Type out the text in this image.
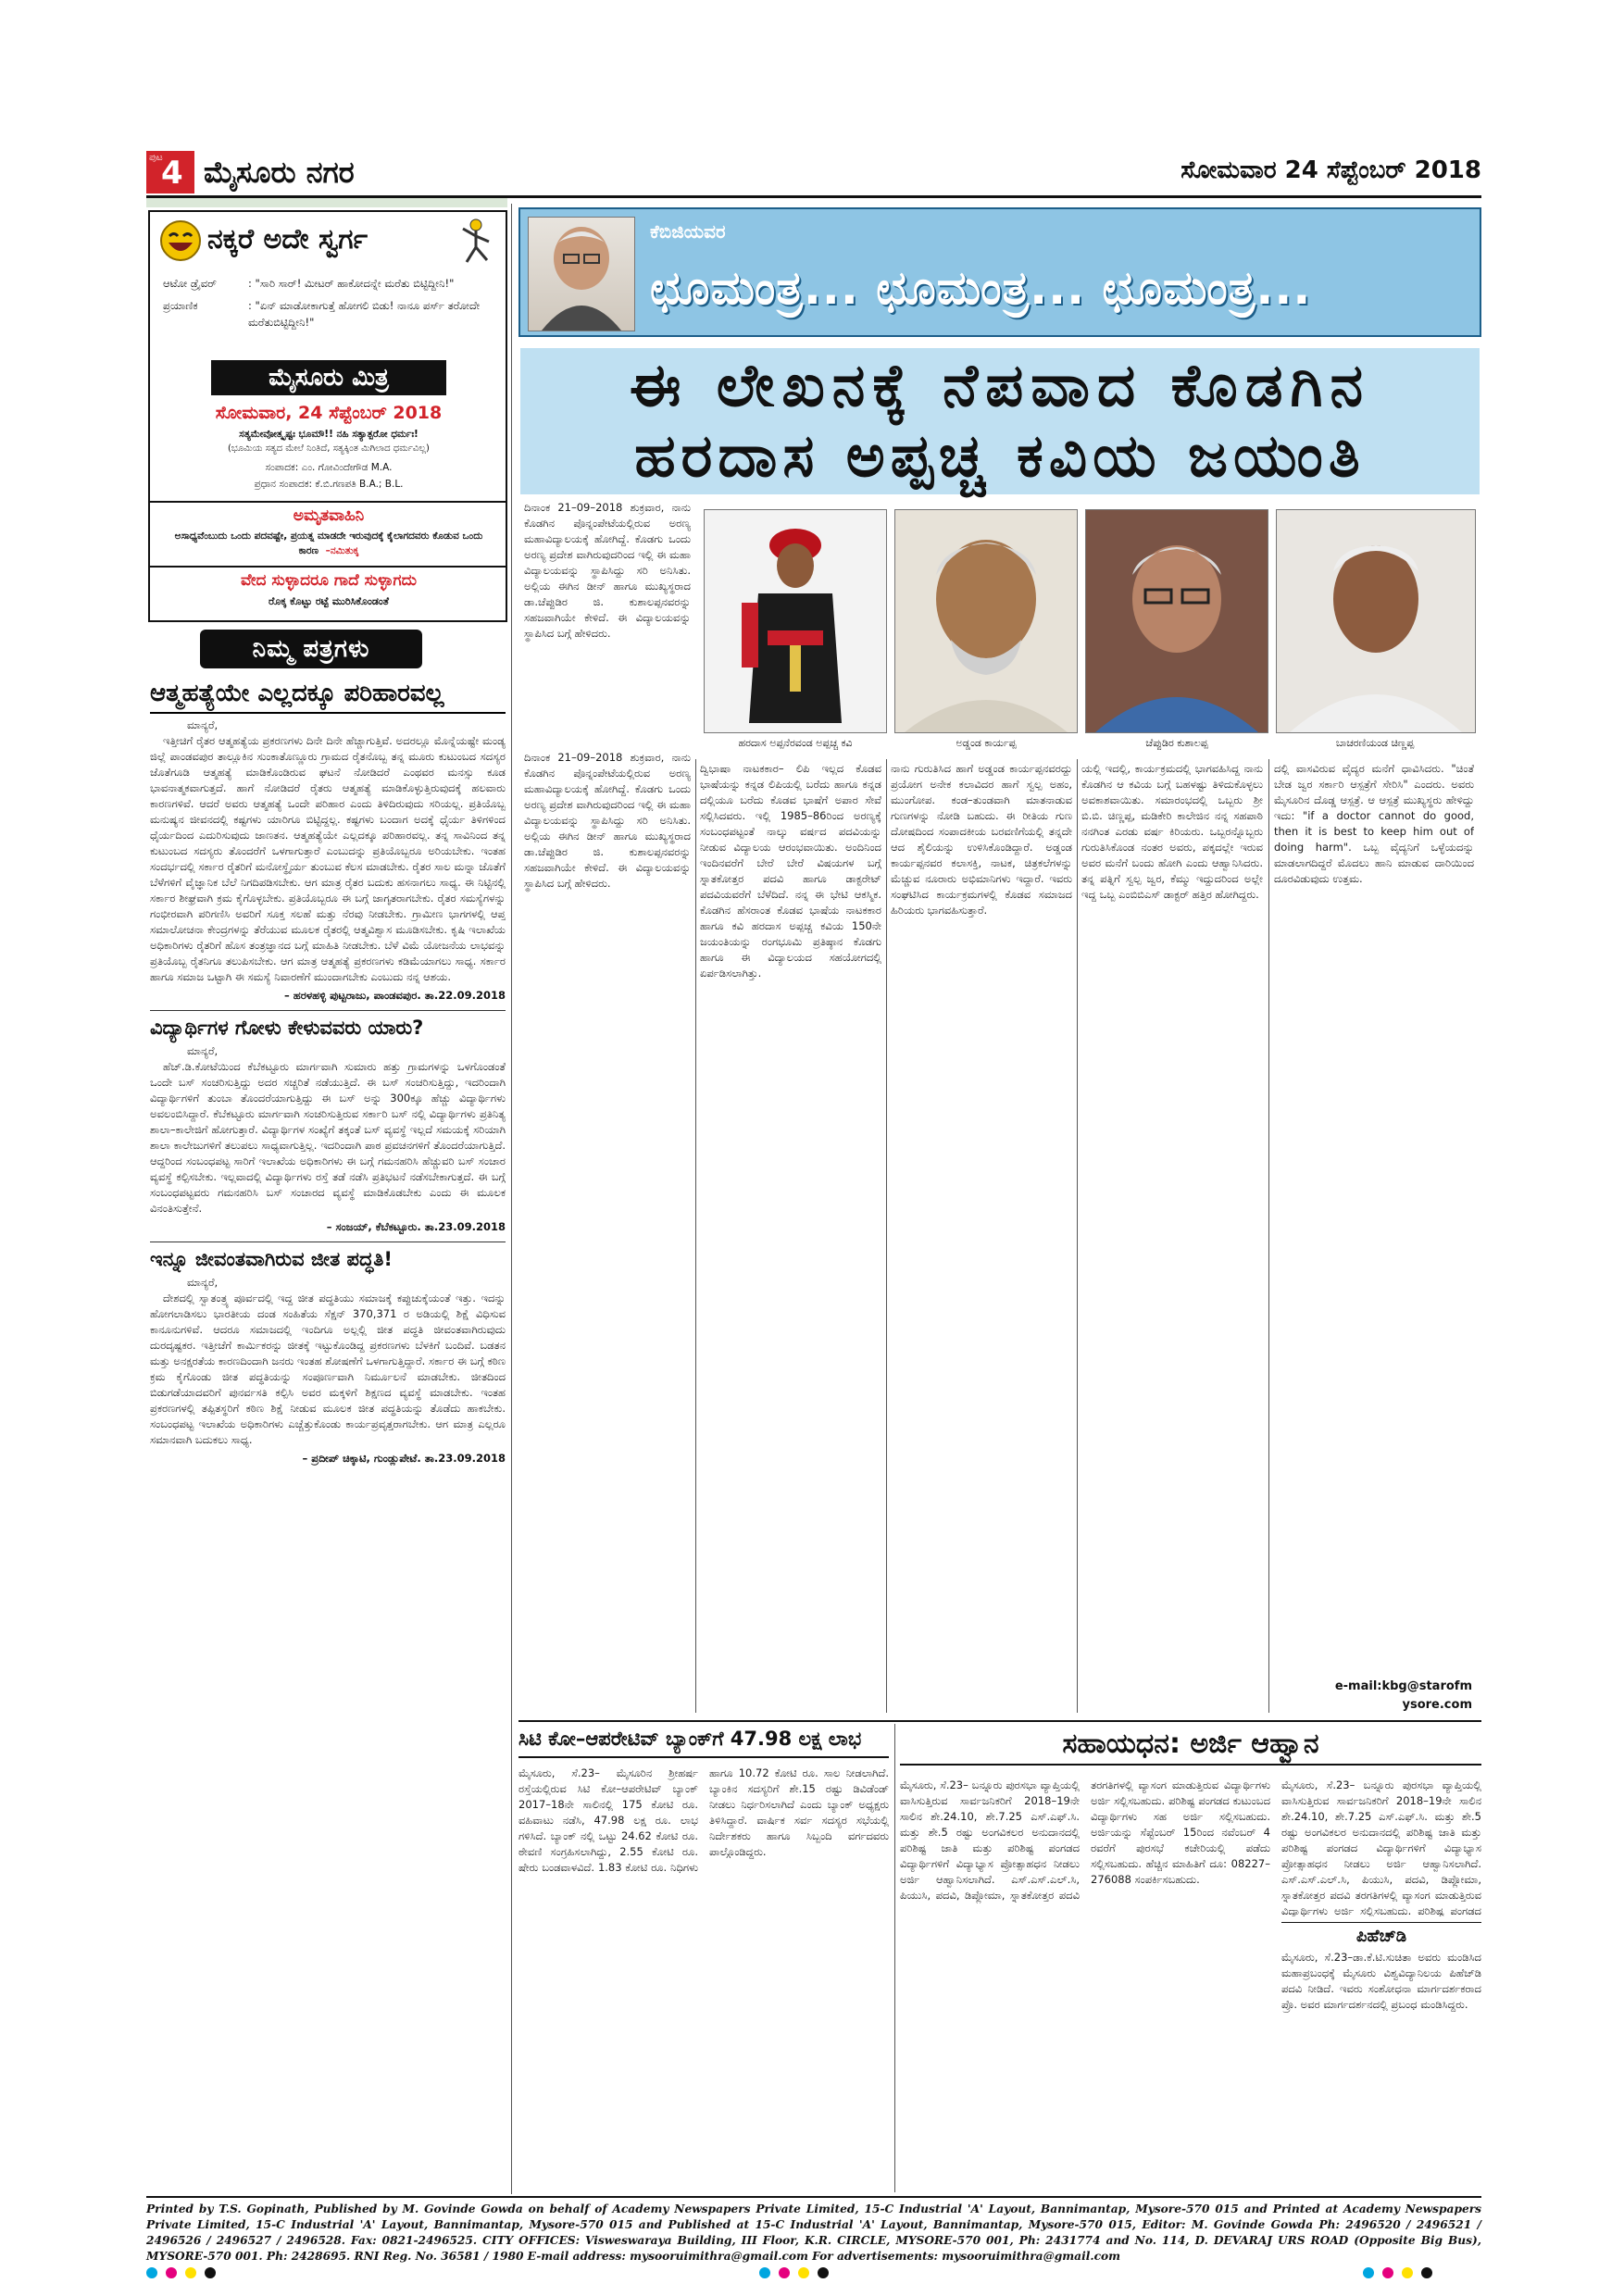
ಪುಟ
4 ಮೈಸೂರು ನಗರ	ಸೋಮವಾರ 24 ಸೆಪ್ಟೆಂಬರ್ 2018
ನಕ್ಕರೆ ಅದೇ ಸ್ವರ್ಗ
ಆಟೋ ಡ್ರೈವರ್	: "ಸಾರಿ ಸಾರ್! ಮೀಟರ್ ಹಾಕೋದನ್ನೇ ಮರೆತು ಬಿಟ್ಟಿದ್ದೀನಿ!"
ಪ್ರಯಾಣಿಕ	: "ಏನ್ ಮಾಡೋಕಾಗುತ್ತೆ ಹೋಗಲಿ ಬಿಡು! ನಾನೂ ಪರ್ಸ್ ತರೋದೇ ಮರೆತುಬಿಟ್ಟಿದ್ದೀನಿ!"
ಮೈಸೂರು ಮಿತ್ರ
ಸೋಮವಾರ, 24 ಸೆಪ್ಟೆಂಬರ್ 2018
ಸತ್ಯಮೇವೋತ್ಕೃಷ್ಟಃ ಭೂಮೌ!! ನಹಿ ಸತ್ಯಾತ್ಪರೋ ಧರ್ಮಃ!
(ಭೂಮಿಯ ಸತ್ಯದ ಮೇಲೆ ನಿಂತಿದೆ, ಸತ್ಯಕ್ಕಿಂತ ಮಿಗಿಲಾದ ಧರ್ಮವಿಲ್ಲ)
ಸಂಪಾದಕ: ಎಂ. ಗೋವಿಂದೇಗೌಡ M.A.
ಪ್ರಧಾನ ಸಂಪಾದಕ: ಕೆ.ಬಿ.ಗಣಪತಿ B.A.; B.L.
ಅಮೃತವಾಹಿನಿ
ಅಸಾಧ್ಯವೆಂಬುದು ಒಂದು ಪದವಷ್ಟೇ, ಪ್ರಯತ್ನ ಮಾಡದೇ ಇರುವುದಕ್ಕೆ ಕೈಲಾಗದವರು ಕೊಡುವ ಒಂದು ಕಾರಣ –ನಮಿತುಕ್ಕ
ವೇದ ಸುಳ್ಳಾದರೂ ಗಾದೆ ಸುಳ್ಳಾಗದು
ರೊಕ್ಕ ಕೊಟ್ಟು ರಟ್ಟೆ ಮುರಿಸಿಕೊಂಡಂತೆ
ನಿಮ್ಮ ಪತ್ರಗಳು
ಆತ್ಮಹತ್ಯೆಯೇ ಎಲ್ಲದಕ್ಕೂ ಪರಿಹಾರವಲ್ಲ
ಮಾನ್ಯರೆ,
ಇತ್ತೀಚಿಗೆ ರೈತರ ಆತ್ಮಹತ್ಯೆಯ ಪ್ರಕರಣಗಳು ದಿನೇ ದಿನೇ ಹೆಚ್ಚಾಗುತ್ತಿವೆ. ಅದರಲ್ಲೂ ಮೊನ್ನೆಯಷ್ಟೇ ಮಂಡ್ಯ ಜಿಲ್ಲೆ ಪಾಂಡವಪುರ ತಾಲ್ಲೂಕಿನ ಸುಂಕಾತೊಣ್ಣೂರು ಗ್ರಾಮದ ರೈತನೊಬ್ಬ ತನ್ನ ಮೂರು ಕುಟುಂಬದ ಸದಸ್ಯರ ಜೊತೆಗೂಡಿ ಆತ್ಮಹತ್ಯೆ ಮಾಡಿಕೊಂಡಿರುವ ಘಟನೆ ನೋಡಿದರೆ ಎಂಥವರ ಮನಸ್ಸು ಕೂಡ ಭಾವನಾತ್ಮಕವಾಗುತ್ತದೆ. ಹಾಗೆ ನೋಡಿದರೆ ರೈತರು ಆತ್ಮಹತ್ಯೆ ಮಾಡಿಕೊಳ್ಳುತ್ತಿರುವುದಕ್ಕೆ ಹಲವಾರು ಕಾರಣಗಳಿವೆ. ಆದರೆ ಅವರು ಆತ್ಮಹತ್ಯೆ ಒಂದೇ ಪರಿಹಾರ ಎಂದು ತಿಳಿದಿರುವುದು ಸರಿಯಲ್ಲ. ಪ್ರತಿಯೊಬ್ಬ ಮನುಷ್ಯನ ಜೀವನದಲ್ಲಿ ಕಷ್ಟಗಳು ಯಾರಿಗೂ ಬಿಟ್ಟಿದ್ದಲ್ಲ. ಕಷ್ಟಗಳು ಬಂದಾಗ ಅದಕ್ಕೆ ಧೈರ್ಯ ತಿಳಿಗಳಿಂದ ಧೈರ್ಯದಿಂದ ಎದುರಿಸುವುದು ಜಾಣತನ. ಆತ್ಮಹತ್ಯೆಯೇ ಎಲ್ಲದಕ್ಕೂ ಪರಿಹಾರವಲ್ಲ. ತನ್ನ ಸಾವಿನಿಂದ ತನ್ನ ಕುಟುಂಬದ ಸದಸ್ಯರು ತೊಂದರೆಗೆ ಒಳಗಾಗುತ್ತಾರೆ ಎಂಬುದನ್ನು ಪ್ರತಿಯೊಬ್ಬರೂ ಅರಿಯಬೇಕು. ಇಂತಹ ಸಂದರ್ಭದಲ್ಲಿ ಸರ್ಕಾರ ರೈತರಿಗೆ ಮನೋಸ್ಥೈರ್ಯ ತುಂಬುವ ಕೆಲಸ ಮಾಡಬೇಕು. ರೈತರ ಸಾಲ ಮನ್ನಾ ಜೊತೆಗೆ ಬೆಳೆಗಳಿಗೆ ವೈಜ್ಞಾನಿಕ ಬೆಲೆ ನಿಗದಿಪಡಿಸಬೇಕು. ಆಗ ಮಾತ್ರ ರೈತರ ಬದುಕು ಹಸನಾಗಲು ಸಾಧ್ಯ. ಈ ನಿಟ್ಟಿನಲ್ಲಿ ಸರ್ಕಾರ ಶೀಘ್ರವಾಗಿ ಕ್ರಮ ಕೈಗೊಳ್ಳಬೇಕು. ಪ್ರತಿಯೊಬ್ಬರೂ ಈ ಬಗ್ಗೆ ಜಾಗೃತರಾಗಬೇಕು. ರೈತರ ಸಮಸ್ಯೆಗಳನ್ನು ಗಂಭೀರವಾಗಿ ಪರಿಗಣಿಸಿ ಅವರಿಗೆ ಸೂಕ್ತ ಸಲಹೆ ಮತ್ತು ನೆರವು ನೀಡಬೇಕು. ಗ್ರಾಮೀಣ ಭಾಗಗಳಲ್ಲಿ ಆಪ್ತ ಸಮಾಲೋಚನಾ ಕೇಂದ್ರಗಳನ್ನು ತೆರೆಯುವ ಮೂಲಕ ರೈತರಲ್ಲಿ ಆತ್ಮವಿಶ್ವಾಸ ಮೂಡಿಸಬೇಕು. ಕೃಷಿ ಇಲಾಖೆಯ ಅಧಿಕಾರಿಗಳು ರೈತರಿಗೆ ಹೊಸ ತಂತ್ರಜ್ಞಾನದ ಬಗ್ಗೆ ಮಾಹಿತಿ ನೀಡಬೇಕು. ಬೆಳೆ ವಿಮೆ ಯೋಜನೆಯ ಲಾಭವನ್ನು ಪ್ರತಿಯೊಬ್ಬ ರೈತನಿಗೂ ತಲುಪಿಸಬೇಕು. ಆಗ ಮಾತ್ರ ಆತ್ಮಹತ್ಯೆ ಪ್ರಕರಣಗಳು ಕಡಿಮೆಯಾಗಲು ಸಾಧ್ಯ. ಸರ್ಕಾರ ಹಾಗೂ ಸಮಾಜ ಒಟ್ಟಾಗಿ ಈ ಸಮಸ್ಯೆ ನಿವಾರಣೆಗೆ ಮುಂದಾಗಬೇಕು ಎಂಬುದು ನನ್ನ ಆಶಯ.
– ಹರಳಹಳ್ಳಿ ಪುಟ್ಟರಾಜು, ಪಾಂಡವಪುರ. ತಾ.22.09.2018
ವಿದ್ಯಾರ್ಥಿಗಳ ಗೋಳು ಕೇಳುವವರು ಯಾರು?
ಮಾನ್ಯರೆ,
ಹೆಚ್.ಡಿ.ಕೋಟೆಯಿಂದ ಕೆಬೆಕಟ್ಟೂರು ಮಾರ್ಗವಾಗಿ ಸುಮಾರು ಹತ್ತು ಗ್ರಾಮಗಳನ್ನು ಒಳಗೊಂಡಂತೆ ಒಂದೇ ಬಸ್ ಸಂಚರಿಸುತ್ತಿದ್ದು ಅದರ ಸಚ್ಚರಿತೆ ನಡೆಯುತ್ತಿದೆ. ಈ ಬಸ್ ಸಂಚರಿಸುತ್ತಿದ್ದು, ಇದರಿಂದಾಗಿ ವಿದ್ಯಾರ್ಥಿಗಳಿಗೆ ತುಂಬಾ ತೊಂದರೆಯಾಗುತ್ತಿದ್ದು ಈ ಬಸ್ ಅನ್ನು 300ಕ್ಕೂ ಹೆಚ್ಚು ವಿದ್ಯಾರ್ಥಿಗಳು ಅವಲಂಬಿಸಿದ್ದಾರೆ. ಕೆಬೆಕಟ್ಟೂರು ಮಾರ್ಗವಾಗಿ ಸಂಚರಿಸುತ್ತಿರುವ ಸರ್ಕಾರಿ ಬಸ್ ನಲ್ಲಿ ವಿದ್ಯಾರ್ಥಿಗಳು ಪ್ರತಿನಿತ್ಯ ಶಾಲಾ–ಕಾಲೇಜಿಗೆ ಹೋಗುತ್ತಾರೆ. ವಿದ್ಯಾರ್ಥಿಗಳ ಸಂಖ್ಯೆಗೆ ತಕ್ಕಂತೆ ಬಸ್ ವ್ಯವಸ್ಥೆ ಇಲ್ಲದೆ ಸಮಯಕ್ಕೆ ಸರಿಯಾಗಿ ಶಾಲಾ ಕಾಲೇಜುಗಳಿಗೆ ತಲುಪಲು ಸಾಧ್ಯವಾಗುತ್ತಿಲ್ಲ. ಇದರಿಂದಾಗಿ ಪಾಠ ಪ್ರವಚನಗಳಿಗೆ ತೊಂದರೆಯಾಗುತ್ತಿದೆ. ಆದ್ದರಿಂದ ಸಂಬಂಧಪಟ್ಟ ಸಾರಿಗೆ ಇಲಾಖೆಯ ಅಧಿಕಾರಿಗಳು ಈ ಬಗ್ಗೆ ಗಮನಹರಿಸಿ ಹೆಚ್ಚುವರಿ ಬಸ್ ಸಂಚಾರ ವ್ಯವಸ್ಥೆ ಕಲ್ಪಿಸಬೇಕು. ಇಲ್ಲವಾದಲ್ಲಿ ವಿದ್ಯಾರ್ಥಿಗಳು ರಸ್ತೆ ತಡೆ ನಡೆಸಿ ಪ್ರತಿಭಟನೆ ನಡೆಸಬೇಕಾಗುತ್ತದೆ. ಈ ಬಗ್ಗೆ ಸಂಬಂಧಪಟ್ಟವರು ಗಮನಹರಿಸಿ ಬಸ್ ಸಂಚಾರದ ವ್ಯವಸ್ಥೆ ಮಾಡಿಕೊಡಬೇಕು ಎಂದು ಈ ಮೂಲಕ ವಿನಂತಿಸುತ್ತೇನೆ.
– ಸಂಜಯ್, ಕೆಬೆಕಟ್ಟೂರು. ತಾ.23.09.2018
ಇನ್ನೂ ಜೀವಂತವಾಗಿರುವ ಜೀತ ಪದ್ಧತಿ!
ಮಾನ್ಯರೆ,
ದೇಶದಲ್ಲಿ ಸ್ವಾತಂತ್ರ್ಯ ಪೂರ್ವದಲ್ಲಿ ಇದ್ದ ಜೀತ ಪದ್ಧತಿಯು ಸಮಾಜಕ್ಕೆ ಕಪ್ಪುಚುಕ್ಕೆಯಂತೆ ಇತ್ತು. ಇದನ್ನು ಹೋಗಲಾಡಿಸಲು ಭಾರತೀಯ ದಂಡ ಸಂಹಿತೆಯ ಸೆಕ್ಷನ್ 370,371 ರ ಅಡಿಯಲ್ಲಿ ಶಿಕ್ಷೆ ವಿಧಿಸುವ ಕಾನೂನುಗಳಿವೆ. ಆದರೂ ಸಮಾಜದಲ್ಲಿ ಇಂದಿಗೂ ಅಲ್ಲಲ್ಲಿ ಜೀತ ಪದ್ಧತಿ ಜೀವಂತವಾಗಿರುವುದು ದುರದೃಷ್ಟಕರ. ಇತ್ತೀಚೆಗೆ ಕಾರ್ಮಿಕರನ್ನು ಜೀತಕ್ಕೆ ಇಟ್ಟುಕೊಂಡಿದ್ದ ಪ್ರಕರಣಗಳು ಬೆಳಕಿಗೆ ಬಂದಿವೆ. ಬಡತನ ಮತ್ತು ಅನಕ್ಷರತೆಯ ಕಾರಣದಿಂದಾಗಿ ಜನರು ಇಂತಹ ಶೋಷಣೆಗೆ ಒಳಗಾಗುತ್ತಿದ್ದಾರೆ. ಸರ್ಕಾರ ಈ ಬಗ್ಗೆ ಕಠಿಣ ಕ್ರಮ ಕೈಗೊಂಡು ಜೀತ ಪದ್ಧತಿಯನ್ನು ಸಂಪೂರ್ಣವಾಗಿ ನಿರ್ಮೂಲನೆ ಮಾಡಬೇಕು. ಜೀತದಿಂದ ಬಿಡುಗಡೆಯಾದವರಿಗೆ ಪುನರ್ವಸತಿ ಕಲ್ಪಿಸಿ ಅವರ ಮಕ್ಕಳಿಗೆ ಶಿಕ್ಷಣದ ವ್ಯವಸ್ಥೆ ಮಾಡಬೇಕು. ಇಂತಹ ಪ್ರಕರಣಗಳಲ್ಲಿ ತಪ್ಪಿತಸ್ಥರಿಗೆ ಕಠಿಣ ಶಿಕ್ಷೆ ನೀಡುವ ಮೂಲಕ ಜೀತ ಪದ್ಧತಿಯನ್ನು ತೊಡೆದು ಹಾಕಬೇಕು. ಸಂಬಂಧಪಟ್ಟ ಇಲಾಖೆಯ ಅಧಿಕಾರಿಗಳು ಎಚ್ಚೆತ್ತುಕೊಂಡು ಕಾರ್ಯಪ್ರವೃತ್ತರಾಗಬೇಕು. ಆಗ ಮಾತ್ರ ಎಲ್ಲರೂ ಸಮಾನವಾಗಿ ಬದುಕಲು ಸಾಧ್ಯ.
– ಪ್ರದೀಪ್ ಚಿಕ್ಕಾಟಿ, ಗುಂಡ್ಲುಪೇಟೆ. ತಾ.23.09.2018
ಕೆಬಿಜಿಯವರ
ಛೂಮಂತ್ರ... ಛೂಮಂತ್ರ... ಛೂಮಂತ್ರ...
ಈ ಲೇಖನಕ್ಕೆ ನೆಪವಾದ ಕೊಡಗಿನ
ಹರದಾಸ ಅಪ್ಪಚ್ಚ ಕವಿಯ ಜಯಂತಿ
ದಿನಾಂಕ 21–09–2018 ಶುಕ್ರವಾರ, ನಾನು ಕೊಡಗಿನ ಪೊನ್ನಂಪೇಟೆಯಲ್ಲಿರುವ ಅರಣ್ಯ ಮಹಾವಿದ್ಯಾಲಯಕ್ಕೆ ಹೋಗಿದ್ದೆ. ಕೊಡಗು ಒಂದು ಅರಣ್ಯ ಪ್ರದೇಶ ವಾಗಿರುವುದರಿಂದ ಇಲ್ಲಿ ಈ ಮಹಾ ವಿದ್ಯಾಲಯವನ್ನು ಸ್ಥಾಪಿಸಿದ್ದು ಸರಿ ಅನಿಸಿತು. ಅಲ್ಲಿಯ ಈಗಿನ ಡೀನ್ ಹಾಗೂ ಮುಖ್ಯಸ್ಥರಾದ ಡಾ.ಚೆಪ್ಪುಡಿರ ಜಿ. ಕುಶಾಲಪ್ಪನವರನ್ನು ಸಹಜವಾಗಿಯೇ ಕೇಳಿದೆ. ಈ ವಿದ್ಯಾಲಯವನ್ನು ಸ್ಥಾಪಿಸಿದ ಬಗ್ಗೆ ಹೇಳಿದರು.
ಹರದಾಸ ಅಪ್ಪನೆರವಂಡ ಅಪ್ಪಚ್ಚ ಕವಿ	ಅಡ್ಡಂಡ ಕಾರ್ಯಪ್ಪ	ಚೆಪ್ಪುಡಿರ ಕುಶಾಲಪ್ಪ	ಬಾಚರಣಿಯಂಡ ಚಿಣ್ಣಪ್ಪ
ದಿನಾಂಕ 21–09–2018 ಶುಕ್ರವಾರ, ನಾನು ಕೊಡಗಿನ ಪೊನ್ನಂಪೇಟೆಯಲ್ಲಿರುವ ಅರಣ್ಯ ಮಹಾವಿದ್ಯಾಲಯಕ್ಕೆ ಹೋಗಿದ್ದೆ. ಕೊಡಗು ಒಂದು ಅರಣ್ಯ ಪ್ರದೇಶ ವಾಗಿರುವುದರಿಂದ ಇಲ್ಲಿ ಈ ಮಹಾ ವಿದ್ಯಾಲಯವನ್ನು ಸ್ಥಾಪಿಸಿದ್ದು ಸರಿ ಅನಿಸಿತು. ಅಲ್ಲಿಯ ಈಗಿನ ಡೀನ್ ಹಾಗೂ ಮುಖ್ಯಸ್ಥರಾದ ಡಾ.ಚೆಪ್ಪುಡಿರ ಜಿ. ಕುಶಾಲಪ್ಪನವರನ್ನು ಸಹಜವಾಗಿಯೇ ಕೇಳಿದೆ. ಈ ವಿದ್ಯಾಲಯವನ್ನು ಸ್ಥಾಪಿಸಿದ ಬಗ್ಗೆ ಹೇಳಿದರು.
ದ್ವಿಭಾಷಾ ನಾಟಕಕಾರ– ಲಿಪಿ ಇಲ್ಲದ ಕೊಡವ ಭಾಷೆಯನ್ನು ಕನ್ನಡ ಲಿಪಿಯಲ್ಲಿ ಬರೆದು ಹಾಗೂ ಕನ್ನಡ ದಲ್ಲಿಯೂ ಬರೆದು ಕೊಡವ ಭಾಷೆಗೆ ಅಪಾರ ಸೇವೆ ಸಲ್ಲಿಸಿದವರು. ಇಲ್ಲಿ 1985–86ರಿಂದ ಅರಣ್ಯಕ್ಕೆ ಸಂಬಂಧಪಟ್ಟಂತೆ ನಾಲ್ಕು ವರ್ಷದ ಪದವಿಯನ್ನು ನೀಡುವ ವಿದ್ಯಾಲಯ ಆರಂಭವಾಯಿತು. ಅಂದಿನಿಂದ ಇಂದಿನವರೆಗೆ ಬೇರೆ ಬೇರೆ ವಿಷಯಗಳ ಬಗ್ಗೆ ಸ್ನಾತಕೋತ್ತರ ಪದವಿ ಹಾಗೂ ಡಾಕ್ಟರೇಟ್ ಪದವಿಯವರೆಗೆ ಬೆಳೆದಿದೆ. ನನ್ನ ಈ ಭೇಟಿ ಆಕಸ್ಮಿಕ. ಕೊಡಗಿನ ಹೆಸರಾಂತ ಕೊಡವ ಭಾಷೆಯ ನಾಟಕಕಾರ ಹಾಗೂ ಕವಿ ಹರದಾಸ ಅಪ್ಪಚ್ಚ ಕವಿಯ 150ನೇ ಜಯಂತಿಯನ್ನು ರಂಗಭೂಮಿ ಪ್ರತಿಷ್ಠಾನ ಕೊಡಗು ಹಾಗೂ ಈ ವಿದ್ಯಾಲಯದ ಸಹಯೋಗದಲ್ಲಿ ಏರ್ಪಡಿಸಲಾಗಿತ್ತು.
ನಾನು ಗುರುತಿಸಿದ ಹಾಗೆ ಅಡ್ಡಂಡ ಕಾರ್ಯಪ್ಪನವರದ್ದು ಪ್ರಯೋಗ ಅನೇಕ ಕಲಾವಿದರ ಹಾಗೆ ಸ್ವಲ್ಪ ಅಹಂ, ಮುಂಗೋಪ. ಕಂಡ–ತುಂಡವಾಗಿ ಮಾತನಾಡುವ ಗುಣಗಳನ್ನು ನೋಡಿ ಬಹುದು. ಈ ರೀತಿಯ ಗುಣ ದೋಷದಿಂದ ಸಂಪಾದಕೀಯ ಬರವಣಿಗೆಯಲ್ಲಿ ತನ್ನದೇ ಆದ ಶೈಲಿಯನ್ನು ಉಳಿಸಿಕೊಂಡಿದ್ದಾರೆ. ಅಡ್ಡಂಡ ಕಾರ್ಯಪ್ಪನವರ ಕಲಾಸಕ್ತಿ, ನಾಟಕ, ಚಿತ್ರಕಲೆಗಳನ್ನು ಮೆಚ್ಚುವ ನೂರಾರು ಅಭಿಮಾನಿಗಳು ಇದ್ದಾರೆ. ಇವರು ಸಂಘಟಿಸಿದ ಕಾರ್ಯಕ್ರಮಗಳಲ್ಲಿ ಕೊಡವ ಸಮಾಜದ ಹಿರಿಯರು ಭಾಗವಹಿಸುತ್ತಾರೆ.
ಯಲ್ಲಿ ಇದಲ್ಲಿ, ಕಾರ್ಯಕ್ರಮದಲ್ಲಿ ಭಾಗವಹಿಸಿದ್ದ ನಾನು ಕೊಡಗಿನ ಆ ಕವಿಯ ಬಗ್ಗೆ ಬಹಳಷ್ಟು ತಿಳಿದುಕೊಳ್ಳಲು ಅವಕಾಶವಾಯಿತು. ಸಮಾರಂಭದಲ್ಲಿ ಒಬ್ಬರು ಶ್ರೀ ಬಿ.ಬಿ. ಚಿಣ್ಣಪ್ಪ, ಮಡಿಕೇರಿ ಕಾಲೇಜಿನ ನನ್ನ ಸಹಪಾಠಿ ನನಗಿಂತ ಎರಡು ವರ್ಷ ಕಿರಿಯರು. ಒಬ್ಬರನ್ನೊಬ್ಬರು ಗುರುತಿಸಿಕೊಂಡ ನಂತರ ಅವರು, ಪಕ್ಕದಲ್ಲೇ ಇರುವ ಅವರ ಮನೆಗೆ ಬಂದು ಹೋಗಿ ಎಂದು ಆಹ್ವಾನಿಸಿದರು. ತನ್ನ ಪತ್ನಿಗೆ ಸ್ವಲ್ಪ ಜ್ವರ, ಕೆಮ್ಮು ಇದ್ದುದರಿಂದ ಅಲ್ಲೇ ಇದ್ದ ಒಬ್ಬ ಎಂಬಿಬಿಎಸ್ ಡಾಕ್ಟರ್ ಹತ್ತಿರ ಹೋಗಿದ್ದರು.
ದಲ್ಲಿ ವಾಸವಿರುವ ವೈದ್ಯರ ಮನೆಗೆ ಧಾವಿಸಿದರು. "ಚಿಂತೆ ಬೇಡ ಜ್ವರ ಸರ್ಕಾರಿ ಆಸ್ಪತ್ರೆಗೆ ಸೇರಿಸಿ" ಎಂದರು. ಅವರು ಮೈಸೂರಿನ ದೊಡ್ಡ ಆಸ್ಪತ್ರೆ. ಆ ಆಸ್ಪತ್ರೆ ಮುಖ್ಯಸ್ಥರು ಹೇಳಿದ್ದು ಇದು: "if a doctor cannot do good, then it is best to keep him out of doing harm". ಒಬ್ಬ ವೈದ್ಯನಿಗೆ ಒಳ್ಳೆಯದನ್ನು ಮಾಡಲಾಗದಿದ್ದರೆ ಮೊದಲು ಹಾನಿ ಮಾಡುವ ದಾರಿಯಿಂದ ದೂರವಿಡುವುದು ಉತ್ತಮ.
e-mail:kbg@starofmysore.com
ಸಿಟಿ ಕೋ–ಆಪರೇಟಿವ್ ಬ್ಯಾಂಕ್‌ಗೆ 47.98 ಲಕ್ಷ ಲಾಭ
ಮೈಸೂರು, ಸೆ.23– ಮೈಸೂರಿನ ಶ್ರೀಹರ್ಷ ರಸ್ತೆಯಲ್ಲಿರುವ ಸಿಟಿ ಕೋ–ಆಪರೇಟಿವ್ ಬ್ಯಾಂಕ್ 2017–18ನೇ ಸಾಲಿನಲ್ಲಿ 175 ಕೋಟಿ ರೂ. ವಹಿವಾಟು ನಡೆಸಿ, 47.98 ಲಕ್ಷ ರೂ. ಲಾಭ ಗಳಿಸಿದೆ. ಬ್ಯಾಂಕ್ ನಲ್ಲಿ ಒಟ್ಟು 24.62 ಕೋಟಿ ರೂ. ಠೇವಣಿ ಸಂಗ್ರಹಿಸಲಾಗಿದ್ದು, 2.55 ಕೋಟಿ ರೂ. ಷೇರು ಬಂಡವಾಳವಿದೆ. 1.83 ಕೋಟಿ ರೂ. ನಿಧಿಗಳು ಹಾಗೂ 10.72 ಕೋಟಿ ರೂ. ಸಾಲ ನೀಡಲಾಗಿದೆ. ಬ್ಯಾಂಕಿನ ಸದಸ್ಯರಿಗೆ ಶೇ.15 ರಷ್ಟು ಡಿವಿಡೆಂಡ್ ನೀಡಲು ನಿರ್ಧರಿಸಲಾಗಿದೆ ಎಂದು ಬ್ಯಾಂಕ್ ಅಧ್ಯಕ್ಷರು ತಿಳಿಸಿದ್ದಾರೆ. ವಾರ್ಷಿಕ ಸರ್ವ ಸದಸ್ಯರ ಸಭೆಯಲ್ಲಿ ನಿರ್ದೇಶಕರು ಹಾಗೂ ಸಿಬ್ಬಂದಿ ವರ್ಗದವರು ಪಾಲ್ಗೊಂಡಿದ್ದರು.
ಸಹಾಯಧನ: ಅರ್ಜಿ ಆಹ್ವಾನ
ಮೈಸೂರು, ಸೆ.23– ಬನ್ನೂರು ಪುರಸಭಾ ವ್ಯಾಪ್ತಿಯಲ್ಲಿ ವಾಸಿಸುತ್ತಿರುವ ಸಾರ್ವಜನಿಕರಿಗೆ 2018–19ನೇ ಸಾಲಿನ ಶೇ.24.10, ಶೇ.7.25 ಎಸ್.ಎಫ್.ಸಿ. ಮತ್ತು ಶೇ.5 ರಷ್ಟು ಅಂಗವಿಕಲರ ಅನುದಾನದಲ್ಲಿ ಪರಿಶಿಷ್ಟ ಜಾತಿ ಮತ್ತು ಪರಿಶಿಷ್ಟ ಪಂಗಡದ ವಿದ್ಯಾರ್ಥಿಗಳಿಗೆ ವಿದ್ಯಾಭ್ಯಾಸ ಪ್ರೋತ್ಸಾಹಧನ ನೀಡಲು ಅರ್ಜಿ ಆಹ್ವಾನಿಸಲಾಗಿದೆ. ಎಸ್.ಎಸ್.ಎಲ್.ಸಿ, ಪಿಯುಸಿ, ಪದವಿ, ಡಿಪ್ಲೋಮಾ, ಸ್ನಾತಕೋತ್ತರ ಪದವಿ ತರಗತಿಗಳಲ್ಲಿ ವ್ಯಾಸಂಗ ಮಾಡುತ್ತಿರುವ ವಿದ್ಯಾರ್ಥಿಗಳು ಅರ್ಜಿ ಸಲ್ಲಿಸಬಹುದು. ಪರಿಶಿಷ್ಟ ಪಂಗಡದ ಕುಟುಂಬದ ವಿದ್ಯಾರ್ಥಿಗಳು ಸಹ ಅರ್ಜಿ ಸಲ್ಲಿಸಬಹುದು. ಅರ್ಜಿಯನ್ನು ಸೆಪ್ಟೆಂಬರ್ 15ರಿಂದ ನವೆಂಬರ್ 4 ರವರೆಗೆ ಪುರಸಭೆ ಕಚೇರಿಯಲ್ಲಿ ಪಡೆದು ಸಲ್ಲಿಸಬಹುದು. ಹೆಚ್ಚಿನ ಮಾಹಿತಿಗೆ ದೂ: 08227–276088 ಸಂಪರ್ಕಿಸಬಹುದು.
ಮೈಸೂರು, ಸೆ.23– ಬನ್ನೂರು ಪುರಸಭಾ ವ್ಯಾಪ್ತಿಯಲ್ಲಿ ವಾಸಿಸುತ್ತಿರುವ ಸಾರ್ವಜನಿಕರಿಗೆ 2018–19ನೇ ಸಾಲಿನ ಶೇ.24.10, ಶೇ.7.25 ಎಸ್.ಎಫ್.ಸಿ. ಮತ್ತು ಶೇ.5 ರಷ್ಟು ಅಂಗವಿಕಲರ ಅನುದಾನದಲ್ಲಿ ಪರಿಶಿಷ್ಟ ಜಾತಿ ಮತ್ತು ಪರಿಶಿಷ್ಟ ಪಂಗಡದ ವಿದ್ಯಾರ್ಥಿಗಳಿಗೆ ವಿದ್ಯಾಭ್ಯಾಸ ಪ್ರೋತ್ಸಾಹಧನ ನೀಡಲು ಅರ್ಜಿ ಆಹ್ವಾನಿಸಲಾಗಿದೆ. ಎಸ್.ಎಸ್.ಎಲ್.ಸಿ, ಪಿಯುಸಿ, ಪದವಿ, ಡಿಪ್ಲೋಮಾ, ಸ್ನಾತಕೋತ್ತರ ಪದವಿ ತರಗತಿಗಳಲ್ಲಿ ವ್ಯಾಸಂಗ ಮಾಡುತ್ತಿರುವ ವಿದ್ಯಾರ್ಥಿಗಳು ಅರ್ಜಿ ಸಲ್ಲಿಸಬಹುದು. ಪರಿಶಿಷ್ಟ ಪಂಗಡದ
ಪಿಹೆಚ್‌ಡಿ
ಮೈಸೂರು, ಸೆ.23–ಡಾ.ಕೆ.ಟಿ.ಸುಚಿತಾ ಅವರು ಮಂಡಿಸಿದ ಮಹಾಪ್ರಬಂಧಕ್ಕೆ ಮೈಸೂರು ವಿಶ್ವವಿದ್ಯಾನಿಲಯ ಪಿಹೆಚ್‌ಡಿ ಪದವಿ ನೀಡಿದೆ. ಇವರು ಸಂಶೋಧನಾ ಮಾರ್ಗದರ್ಶಕರಾದ ಪ್ರೊ. ಅವರ ಮಾರ್ಗದರ್ಶನದಲ್ಲಿ ಪ್ರಬಂಧ ಮಂಡಿಸಿದ್ದರು.
Printed by T.S. Gopinath, Published by M. Govinde Gowda on behalf of Academy Newspapers Private Limited, 15-C Industrial 'A' Layout, Bannimantap, Mysore-570 015 and Printed at Academy Newspapers Private Limited, 15-C Industrial 'A' Layout, Bannimantap, Mysore-570 015 and Published at 15-C Industrial 'A' Layout, Bannimantap, Mysore-570 015, Editor: M. Govinde Gowda Ph: 2496520 / 2496521 / 2496526 / 2496527 / 2496528. Fax: 0821-2496525. CITY OFFICES: Visweswaraya Building, III Floor, K.R. CIRCLE, MYSORE-570 001, Ph: 2431774 and No. 114, D. DEVARAJ URS ROAD (Opposite Big Bus), MYSORE-570 001. Ph: 2428695. RNI Reg. No. 36581 / 1980 E-mail address: mysooruimithra@gmail.com For advertisements: mysooruimithra@gmail.com
